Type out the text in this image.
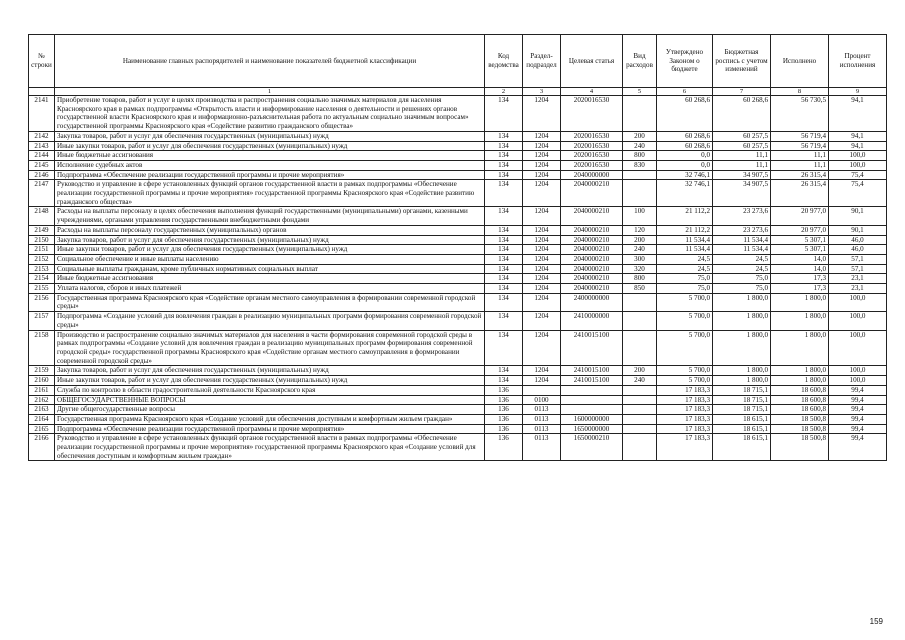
№ строки	Наименование главных распорядителей и наименование показателей бюджетной классификации	Код ведомства	Раздел-подраздел	Целевая статья	Вид расходов	Утверждено Законом о бюджете	Бюджетная роспись с учетом изменений	Исполнено	Процент исполнения
	1	2	3	4	5	6	7	8	9
2141	Приобретение товаров, работ и услуг в целях производства и распространения социально значимых материалов для населения Красноярского края в рамках подпрограммы «Открытость власти и информирование населения о деятельности и решениях органов государственной власти Красноярского края и информационно-разъяснительная работа по актуальным социально значимым вопросам» государственной программы Красноярского края «Содействие развитию гражданского общества»	134	1204	2020016530		60 268,6	60 268,6	56 730,5	94,1
2142	Закупка товаров, работ и услуг для обеспечения государственных (муниципальных) нужд	134	1204	2020016530	200	60 268,6	60 257,5	56 719,4	94,1
2143	Иные закупки товаров, работ и услуг для обеспечения государственных (муниципальных) нужд	134	1204	2020016530	240	60 268,6	60 257,5	56 719,4	94,1
2144	Иные бюджетные ассигнования	134	1204	2020016530	800	0,0	11,1	11,1	100,0
2145	Исполнение судебных актов	134	1204	2020016530	830	0,0	11,1	11,1	100,0
2146	Подпрограмма «Обеспечение реализации государственной программы и прочие мероприятия»	134	1204	2040000000		32 746,1	34 907,5	26 315,4	75,4
2147	Руководство и управление в сфере установленных функций органов государственной власти в рамках подпрограммы «Обеспечение реализации государственной программы и прочие мероприятия» государственной программы Красноярского края «Содействие развитию гражданского общества»	134	1204	2040000210		32 746,1	34 907,5	26 315,4	75,4
2148	Расходы на выплаты персоналу в целях обеспечения выполнения функций государственными (муниципальными) органами, казенными учреждениями, органами управления государственными внебюджетными фондами	134	1204	2040000210	100	21 112,2	23 273,6	20 977,0	90,1
2149	Расходы на выплаты персоналу государственных (муниципальных) органов	134	1204	2040000210	120	21 112,2	23 273,6	20 977,0	90,1
2150	Закупка товаров, работ и услуг для обеспечения государственных (муниципальных) нужд	134	1204	2040000210	200	11 534,4	11 534,4	5 307,1	46,0
2151	Иные закупки товаров, работ и услуг для обеспечения государственных (муниципальных) нужд	134	1204	2040000210	240	11 534,4	11 534,4	5 307,1	46,0
2152	Социальное обеспечение и иные выплаты населению	134	1204	2040000210	300	24,5	24,5	14,0	57,1
2153	Социальные выплаты гражданам, кроме публичных нормативных социальных выплат	134	1204	2040000210	320	24,5	24,5	14,0	57,1
2154	Иные бюджетные ассигнования	134	1204	2040000210	800	75,0	75,0	17,3	23,1
2155	Уплата налогов, сборов и иных платежей	134	1204	2040000210	850	75,0	75,0	17,3	23,1
2156	Государственная программа Красноярского края «Содействие органам местного самоуправления в формировании современной городской среды»	134	1204	2400000000		5 700,0	1 800,0	1 800,0	100,0
2157	Подпрограмма «Создание условий для вовлечения граждан в реализацию муниципальных программ формирования современной городской среды»	134	1204	2410000000		5 700,0	1 800,0	1 800,0	100,0
2158	Производство и распространение социально значимых материалов для населения в части формирования современной городской среды в рамках подпрограммы «Создание условий для вовлечения граждан в реализацию муниципальных программ формирования современной городской среды» государственной программы Красноярского края «Содействие органам местного самоуправления в формировании современной городской среды»	134	1204	2410015100		5 700,0	1 800,0	1 800,0	100,0
2159	Закупка товаров, работ и услуг для обеспечения государственных (муниципальных) нужд	134	1204	2410015100	200	5 700,0	1 800,0	1 800,0	100,0
2160	Иные закупки товаров, работ и услуг для обеспечения государственных (муниципальных) нужд	134	1204	2410015100	240	5 700,0	1 800,0	1 800,0	100,0
2161	Служба по контролю в области градостроительной деятельности Красноярского края	136				17 183,3	18 715,1	18 600,8	99,4
2162	ОБЩЕГОСУДАРСТВЕННЫЕ ВОПРОСЫ	136	0100			17 183,3	18 715,1	18 600,8	99,4
2163	Другие общегосударственные вопросы	136	0113			17 183,3	18 715,1	18 600,8	99,4
2164	Государственная программа Красноярского края «Создание условий для обеспечения доступным и комфортным жильем граждан»	136	0113	1600000000		17 183,3	18 615,1	18 500,8	99,4
2165	Подпрограмма «Обеспечение реализации государственной программы и прочие мероприятия»	136	0113	1650000000		17 183,3	18 615,1	18 500,8	99,4
2166	Руководство и управление в сфере установленных функций органов государственной власти в рамках подпрограммы «Обеспечение реализации государственной программы и прочие мероприятия» государственной программы Красноярского края «Создание условий для обеспечения доступным и комфортным жильем граждан»	136	0113	1650000210		17 183,3	18 615,1	18 500,8	99,4
159
